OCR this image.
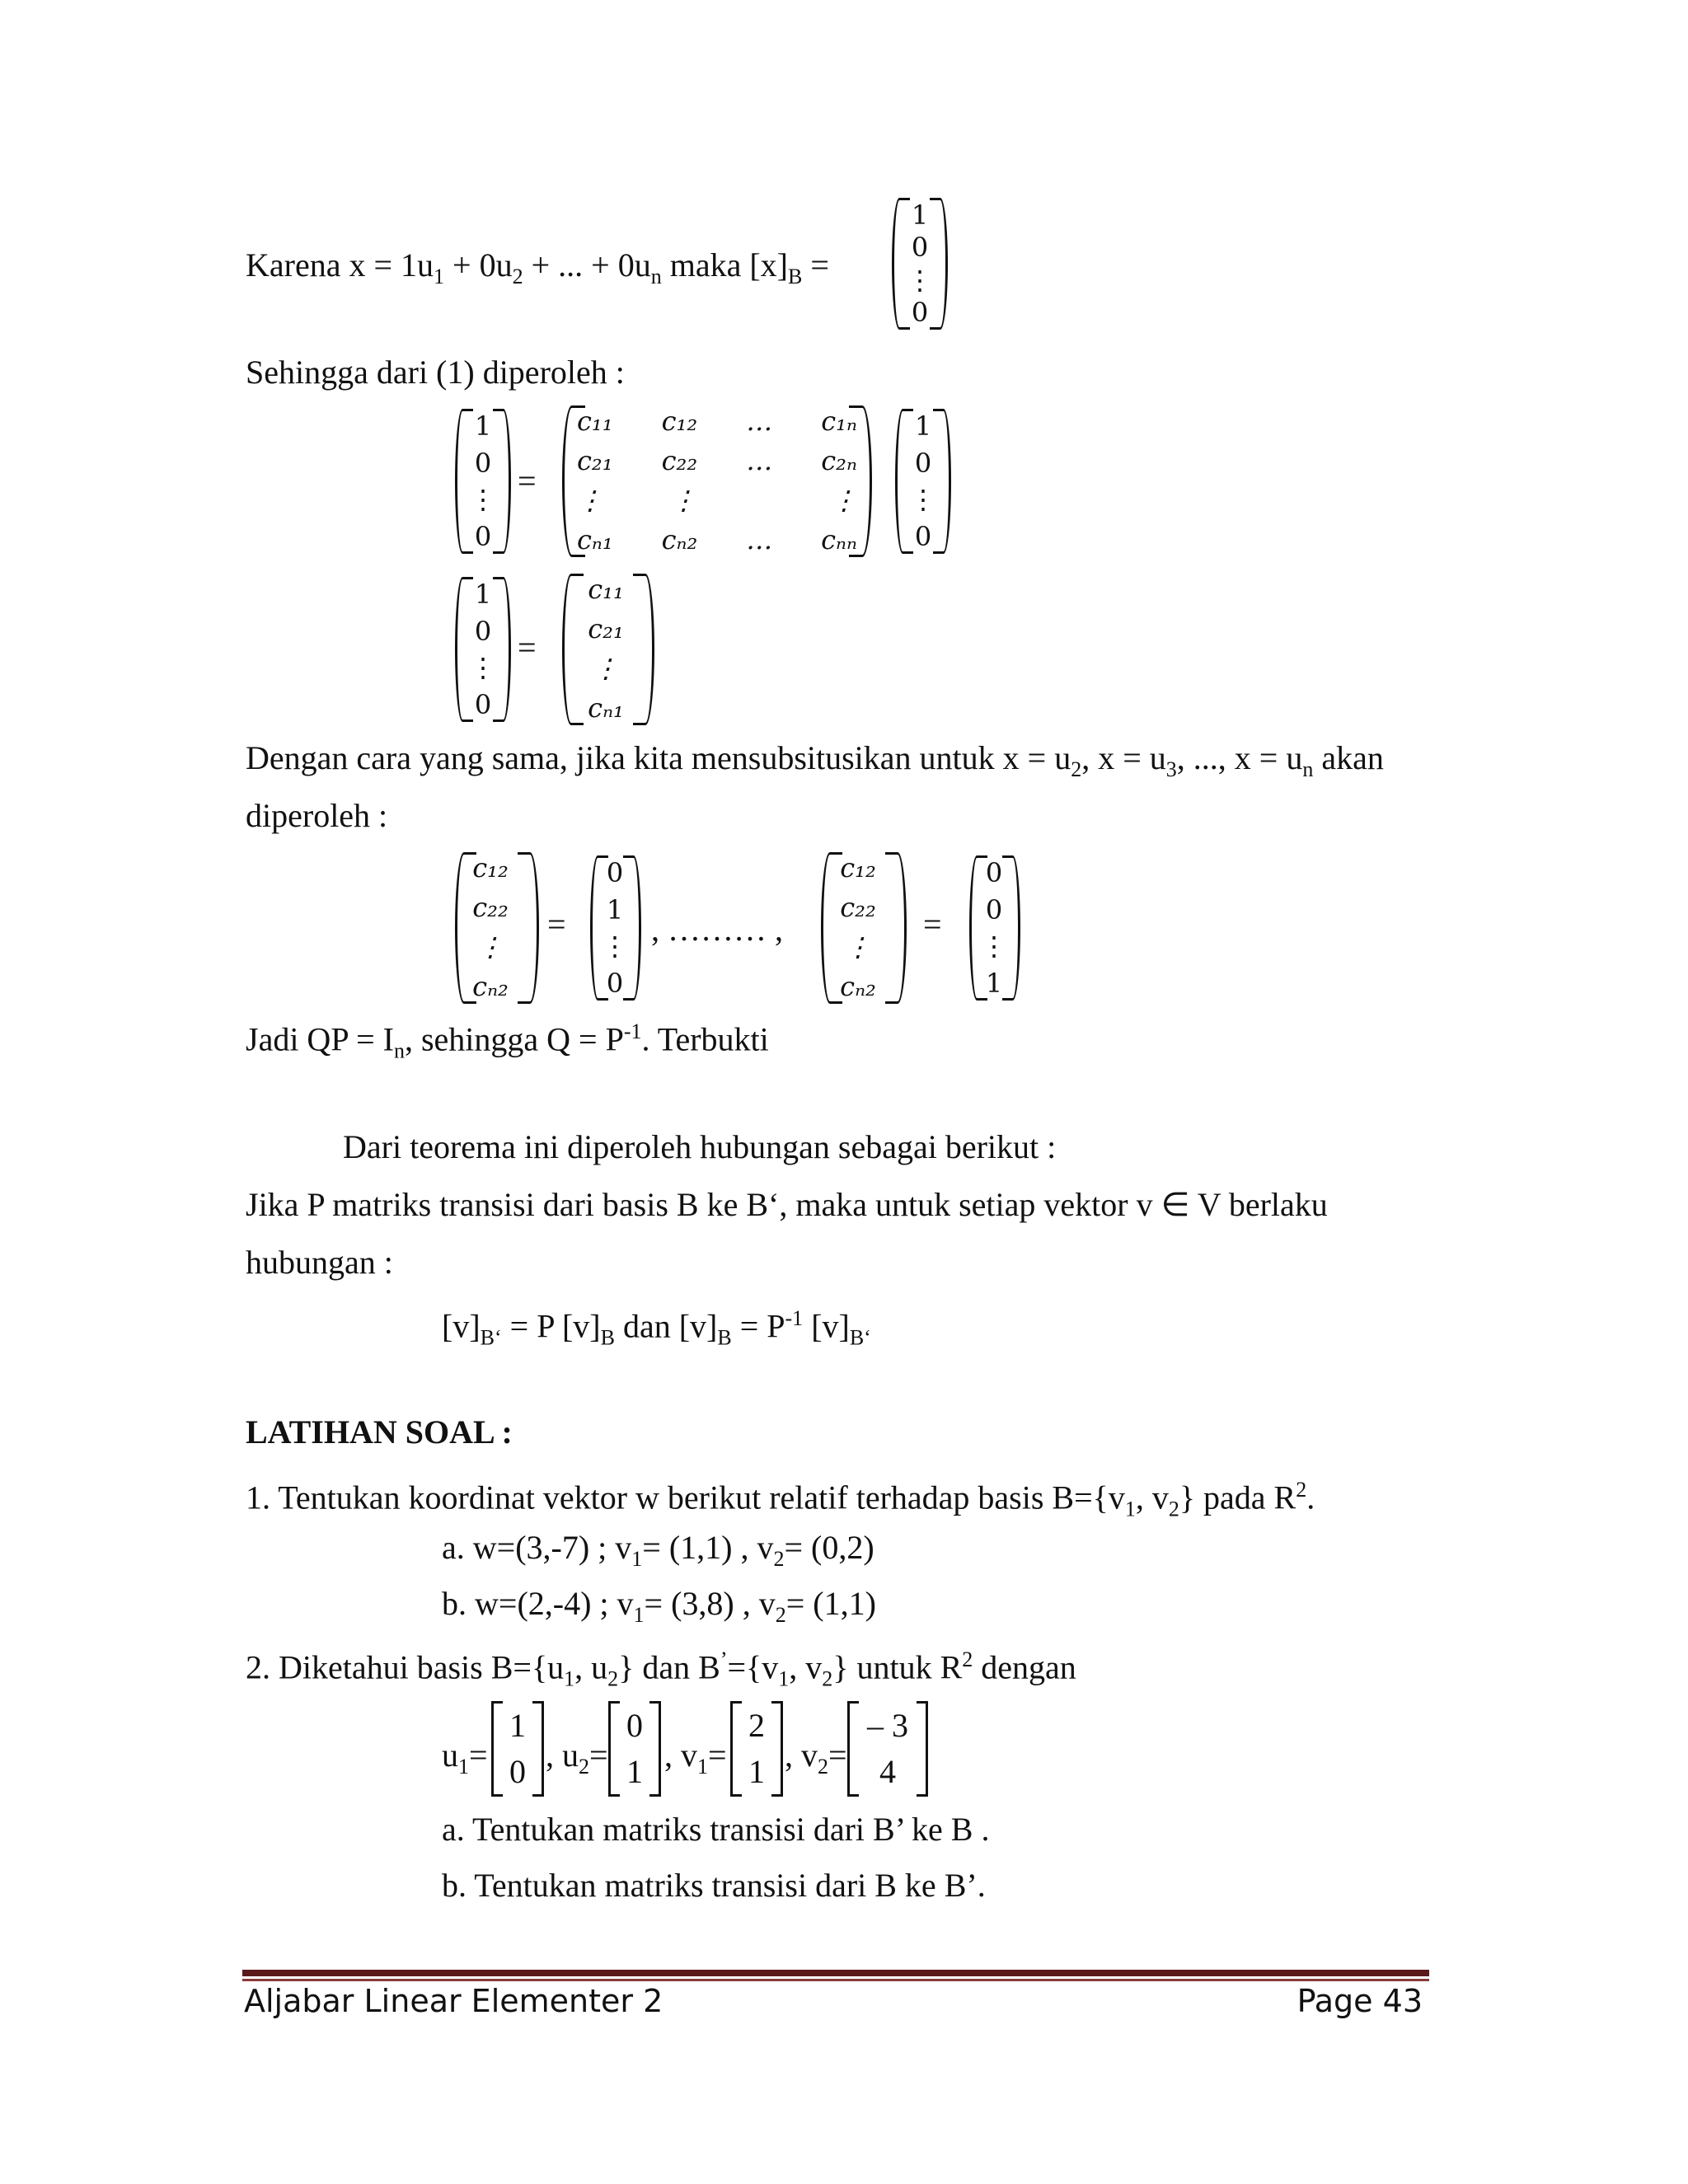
Karena $x = 1u_1 + 0u_2$ + ... + $0u_n$ maka $[x]_B$ =
1
0
⋮
0
Sehingga dari (1) diperoleh :
1
0
⋮
0
=
c₁₁ c₁₂ … c₁ₙ
c₂₁ c₂₂ … c₂ₙ
⋮	⋮	⋮
cₙ₁ cₙ₂ … cₙₙ
1
0
⋮
0
1
0
⋮
0
=
c₁₁
c₂₁
⋮
cₙ₁
Dengan cara yang sama, jika kita mensubsitusikan untuk $x = u_2$, $x = u_3$, ..., $x = u_n$ akan
diperoleh :
c₁₂
c₂₂
⋮
cₙ₂
=
0
1
⋮
0
, ……… ,
c₁₂
c₂₂
⋮
cₙ₂
=
0
0
⋮
1
Jadi QP = $I_n$, sehingga $Q = P^{-1}$. Terbukti
Dari teorema ini diperoleh hubungan sebagai berikut :
Jika P matriks transisi dari basis B ke B‘, maka untuk setiap vektor v ∈ V berlaku
hubungan :
$[v]_{B‘} = P$ $[v]_B$ dan $[v]_B = P^{-1}$ $[v]_{B‘}$
LATIHAN SOAL :
1. Tentukan koordinat vektor w berikut relatif terhadap basis $B=\{v_1$, $v_2$} pada $R^2$.
a. w=(3,-7) ; $v_1= (1,1)$ , $v_2= (0,2)$
b. w=(2,-4) ; $v_1= (3,8)$ , $v_2= (1,1)$
2. Diketahui basis $B=\{u_1$, $u_2$} dan $B^’=\{v_1$, $v_2$} untuk $R^2$ dengan
$u_1=$
1
0 , $u_2=$
0
1 , $v_1=$
2
1 , $v_2=$
– 3
4
a. Tentukan matriks transisi dari B’ ke B .
b. Tentukan matriks transisi dari B ke B’.
Aljabar Linear Elementer 2	Page 43
